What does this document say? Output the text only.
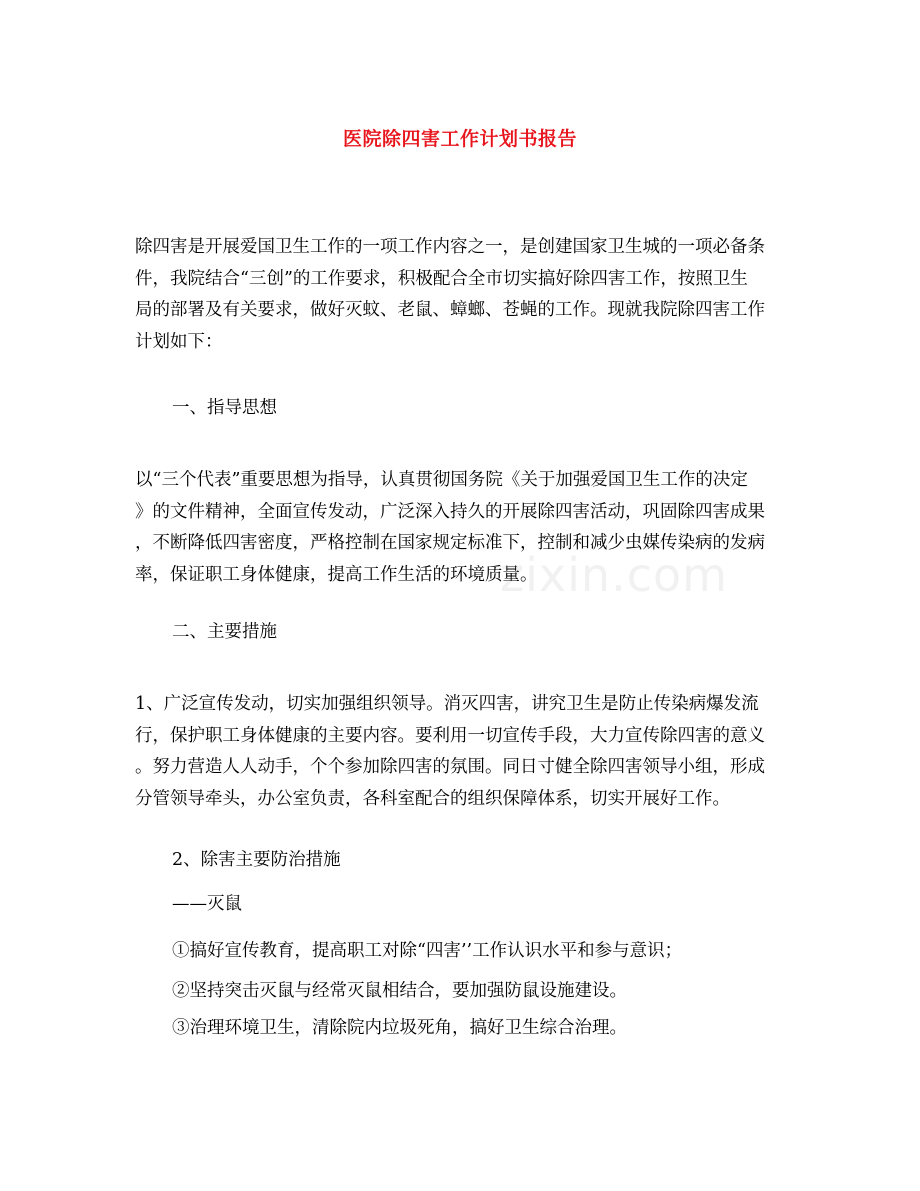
医院除四害工作计划书报告
除四害是开展爱国卫生工作的一项工作内容之一，是创建国家卫生城的一项必备条
件，我院结合“三创”的工作要求，积极配合全市切实搞好除四害工作，按照卫生
局的部署及有关要求，做好灭蚊、老鼠、蟑螂、苍蝇的工作。现就我院除四害工作
计划如下：
一、指导思想
以“三个代表”重要思想为指导，认真贯彻国务院《关于加强爱国卫生工作的决定
》的文件精神，全面宣传发动，广泛深入持久的开展除四害活动，巩固除四害成果
，不断降低四害密度，严格控制在国家规定标准下，控制和减少虫媒传染病的发病
率，保证职工身体健康，提高工作生活的环境质量。
zixin.com
二、主要措施
1、广泛宣传发动，切实加强组织领导。消灭四害，讲究卫生是防止传染病爆发流
行，保护职工身体健康的主要内容。要利用一切宣传手段，大力宣传除四害的意义
。努力营造人人动手，个个参加除四害的氛围。同日寸健全除四害领导小组，形成
分管领导牵头，办公室负责，各科室配合的组织保障体系，切实开展好工作。
2、除害主要防治措施
——灭鼠
①搞好宣传教育，提高职工对除“四害’’工作认识水平和参与意识；
②坚持突击灭鼠与经常灭鼠相结合，要加强防鼠设施建设。
③治理环境卫生，清除院内垃圾死角，搞好卫生综合治理。
